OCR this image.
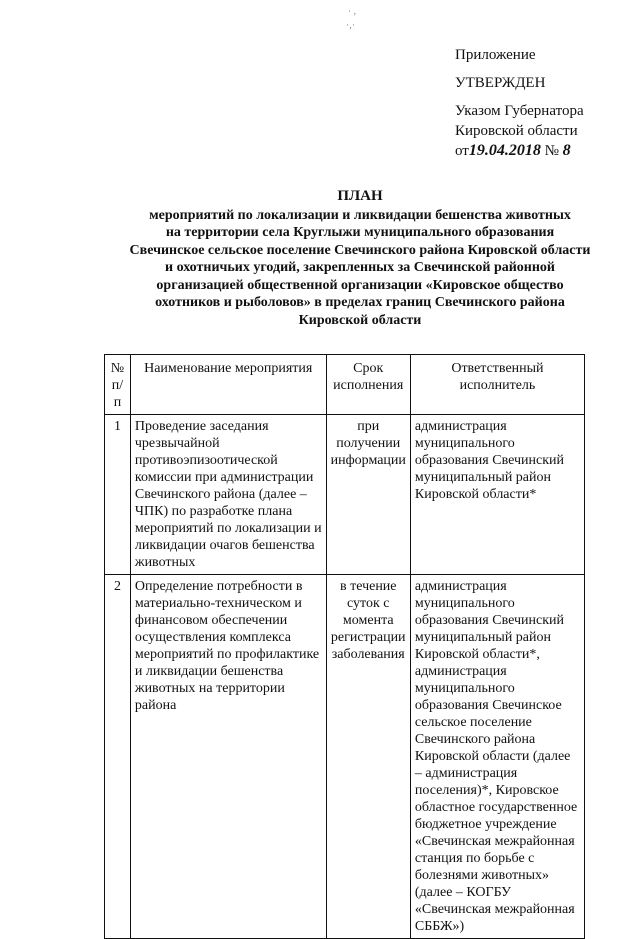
· ‚
·‚·
Приложение
УТВЕРЖДЕН
Указом Губернатора
Кировской области
от19.04.2018 № 8
ПЛАН
мероприятий по локализации и ликвидации бешенства животных
на территории села Круглыжи муниципального образования
Свечинское сельское поселение Свечинского района Кировской области
и охотничьих угодий, закрепленных за Свечинской районной
организацией общественной организации «Кировское общество
охотников и рыболовов» в пределах границ Свечинского района
Кировской области
№ п/п	Наименование мероприятия	Срок исполнения	Ответственный исполнитель
1	Проведение заседания чрезвычайной противоэпизоотической комиссии при администрации Свечинского района (далее – ЧПК) по разработке плана мероприятий по локализации и ликвидации очагов бешенства животных	при получении информации	администрация муниципального образования Свечинский муниципальный район Кировской области*
2	Определение потребности в материально-техническом и финансовом обеспечении осуществления комплекса мероприятий по профилактике и ликвидации бешенства животных на территории района	в течение суток с момента регистрации заболевания	администрация муниципального образования Свечинский муниципальный район Кировской области*, администрация муниципального образования Свечинское сельское поселение Свечинского района Кировской области (далее – администрация поселения)*, Кировское областное государственное бюджетное учреждение «Свечинская межрайонная станция по борьбе с болезнями животных» (далее – КОГБУ «Свечинская межрайонная СББЖ»)
